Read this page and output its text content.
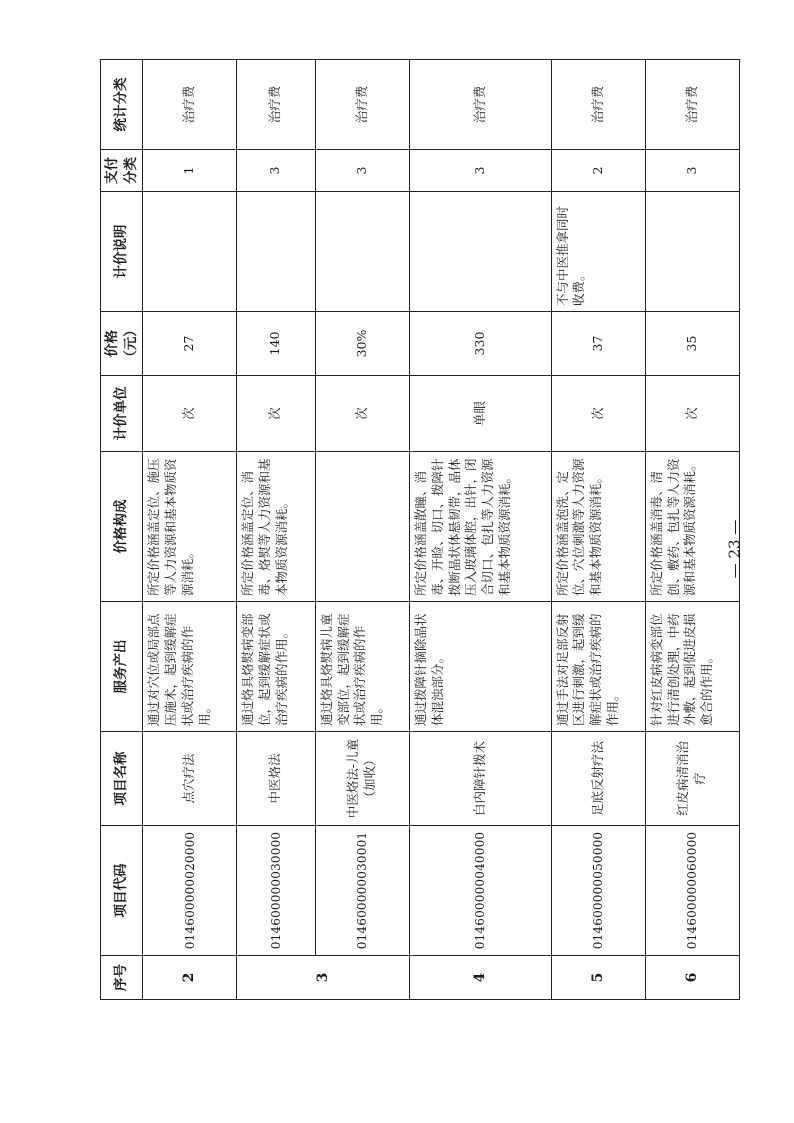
序号	项目代码	项目名称	服务产出	价格构成	计价单位	价格（元）	计价说明	支付分类	统计分类
2	014600000020000	点穴疗法	通过对穴位或局部点压施术，起到缓解症状或治疗疾病的作用。	所定价格涵盖定位、施压等人力资源和基本物质资源消耗。	次	27		1	治疗费
3	014600000030000	中医烙法	通过烙具烙熨病变部位，起到缓解症状或治疗疾病的作用。	所定价格涵盖定位、消毒、烙熨等人力资源和基本物质资源消耗。	次	140		3	治疗费
	014600000030001	中医烙法-儿童（加收）	通过烙具烙熨病儿童变部位，起到缓解症状或治疗疾病的作用。		次	30%		3	治疗费
4	014600000040000	白内障针拨术	通过拨障针摘除晶状体混浊部分。	所定价格涵盖散瞳、消毒、开睑、切口、拨障针拨断晶状体悬韧带，晶体压入玻璃体腔，出针，闭合切口、包扎等人力资源和基本物质资源消耗。	单眼	330		3	治疗费
5	014600000050000	足底反射疗法	通过手法对足部反射区进行刺激，起到缓解症状或治疗疾病的作用。	所定价格涵盖泡洗、定位、穴位刺激等人力资源和基本物质资源消耗。	次	37	不与中医推拿同时收费。	2	治疗费
6	014600000060000	红皮病清消治疗	针对红皮病病变部位进行清创处理，中药外敷，起到促进皮损愈合的作用。	所定价格涵盖消毒、清创、敷药、包扎等人力资源和基本物质资源消耗。	次	35		3	治疗费
— 23 —
